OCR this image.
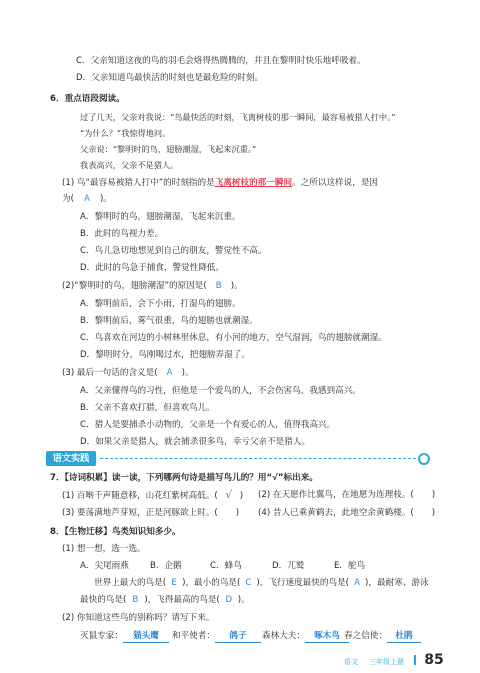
C．父亲知道这夜的鸟的羽毛会烙得热腾腾的，并且在黎明时快乐地呼吸着。
D．父亲知道鸟最快活的时刻也是最危险的时刻。
6．重点语段阅读。
过了几天，父亲对我说：“鸟最快活的时刻，飞离树枝的那一瞬间，最容易被猎人打中。”
“为什么？”我惊得地问。
父亲说：“黎明时的鸟，翅膀潮湿，飞起来沉重。”
我表高兴，父亲不是猎人。
(1) 鸟“最容易被猎人打中”的时刻指的是飞离树枝的那一瞬间。之所以这样说，是因
为( A )。
A．黎明时的鸟，翅膀潮湿，飞起来沉重。
B．此时的鸟视力差。
C．鸟儿急切地想见到自己的朋友，警觉性不高。
D．此时的鸟急于捕食，警觉性降低。
(2)“黎明时的鸟，翅膀潮湿”的原因是( B )。
A．黎明前后，会下小雨，打湿鸟的翅膀。
B．黎明前后，雾气很重，鸟的翅膀也就潮湿。
C．鸟喜欢在河边的小树林里休息，有小河的地方，空气湿润，鸟的翅膀就潮湿。
D．黎明时分，鸟刚喝过水，把翅膀弄湿了。
(3) 最后一句话的含义是( A )。
A．父亲懂得鸟的习性，但他是一个爱鸟的人，不会伤害鸟，我感到高兴。
B．父亲不喜欢打猎，但喜欢鸟儿。
C．猎人是要捕杀小动物的，父亲是一个有爱心的人，值得我高兴。
D．如果父亲是猎人，就会捕杀很多鸟，幸亏父亲不是猎人。
语文实践
7．【诗词积累】读一读，下列哪两句诗是描写鸟儿的？用“√”标出来。
(1) 百啭千声随意移，山花红紫树高低。( √ ) (2) 在天愿作比翼鸟，在地愿为连理枝。( )
(3) 要荡满地芦芽短，正是河豚欲上时。( ) (4) 昔人已乘黄鹤去，此地空余黄鹤楼。( )
8．【生物迁移】鸟类知识知多少。
(1) 想一想，选一选。
A．尖尾雨燕 B．企鹅	C．蜂鸟	D．兀鹫	E．鸵鸟
世界上最大的鸟是( E )，最小的鸟是( C )，飞行速度最快的鸟是( A )，最耐寒、游泳
最快的鸟是( B )，飞得最高的鸟是( D )。
(2) 你知道这些鸟的别称吗？请写下来。
灭鼠专家： 猫头鹰	和平使者： 鸽子	森林大夫： 啄木鸟 春之信使： 杜鹃
语文 三年级上册 85
